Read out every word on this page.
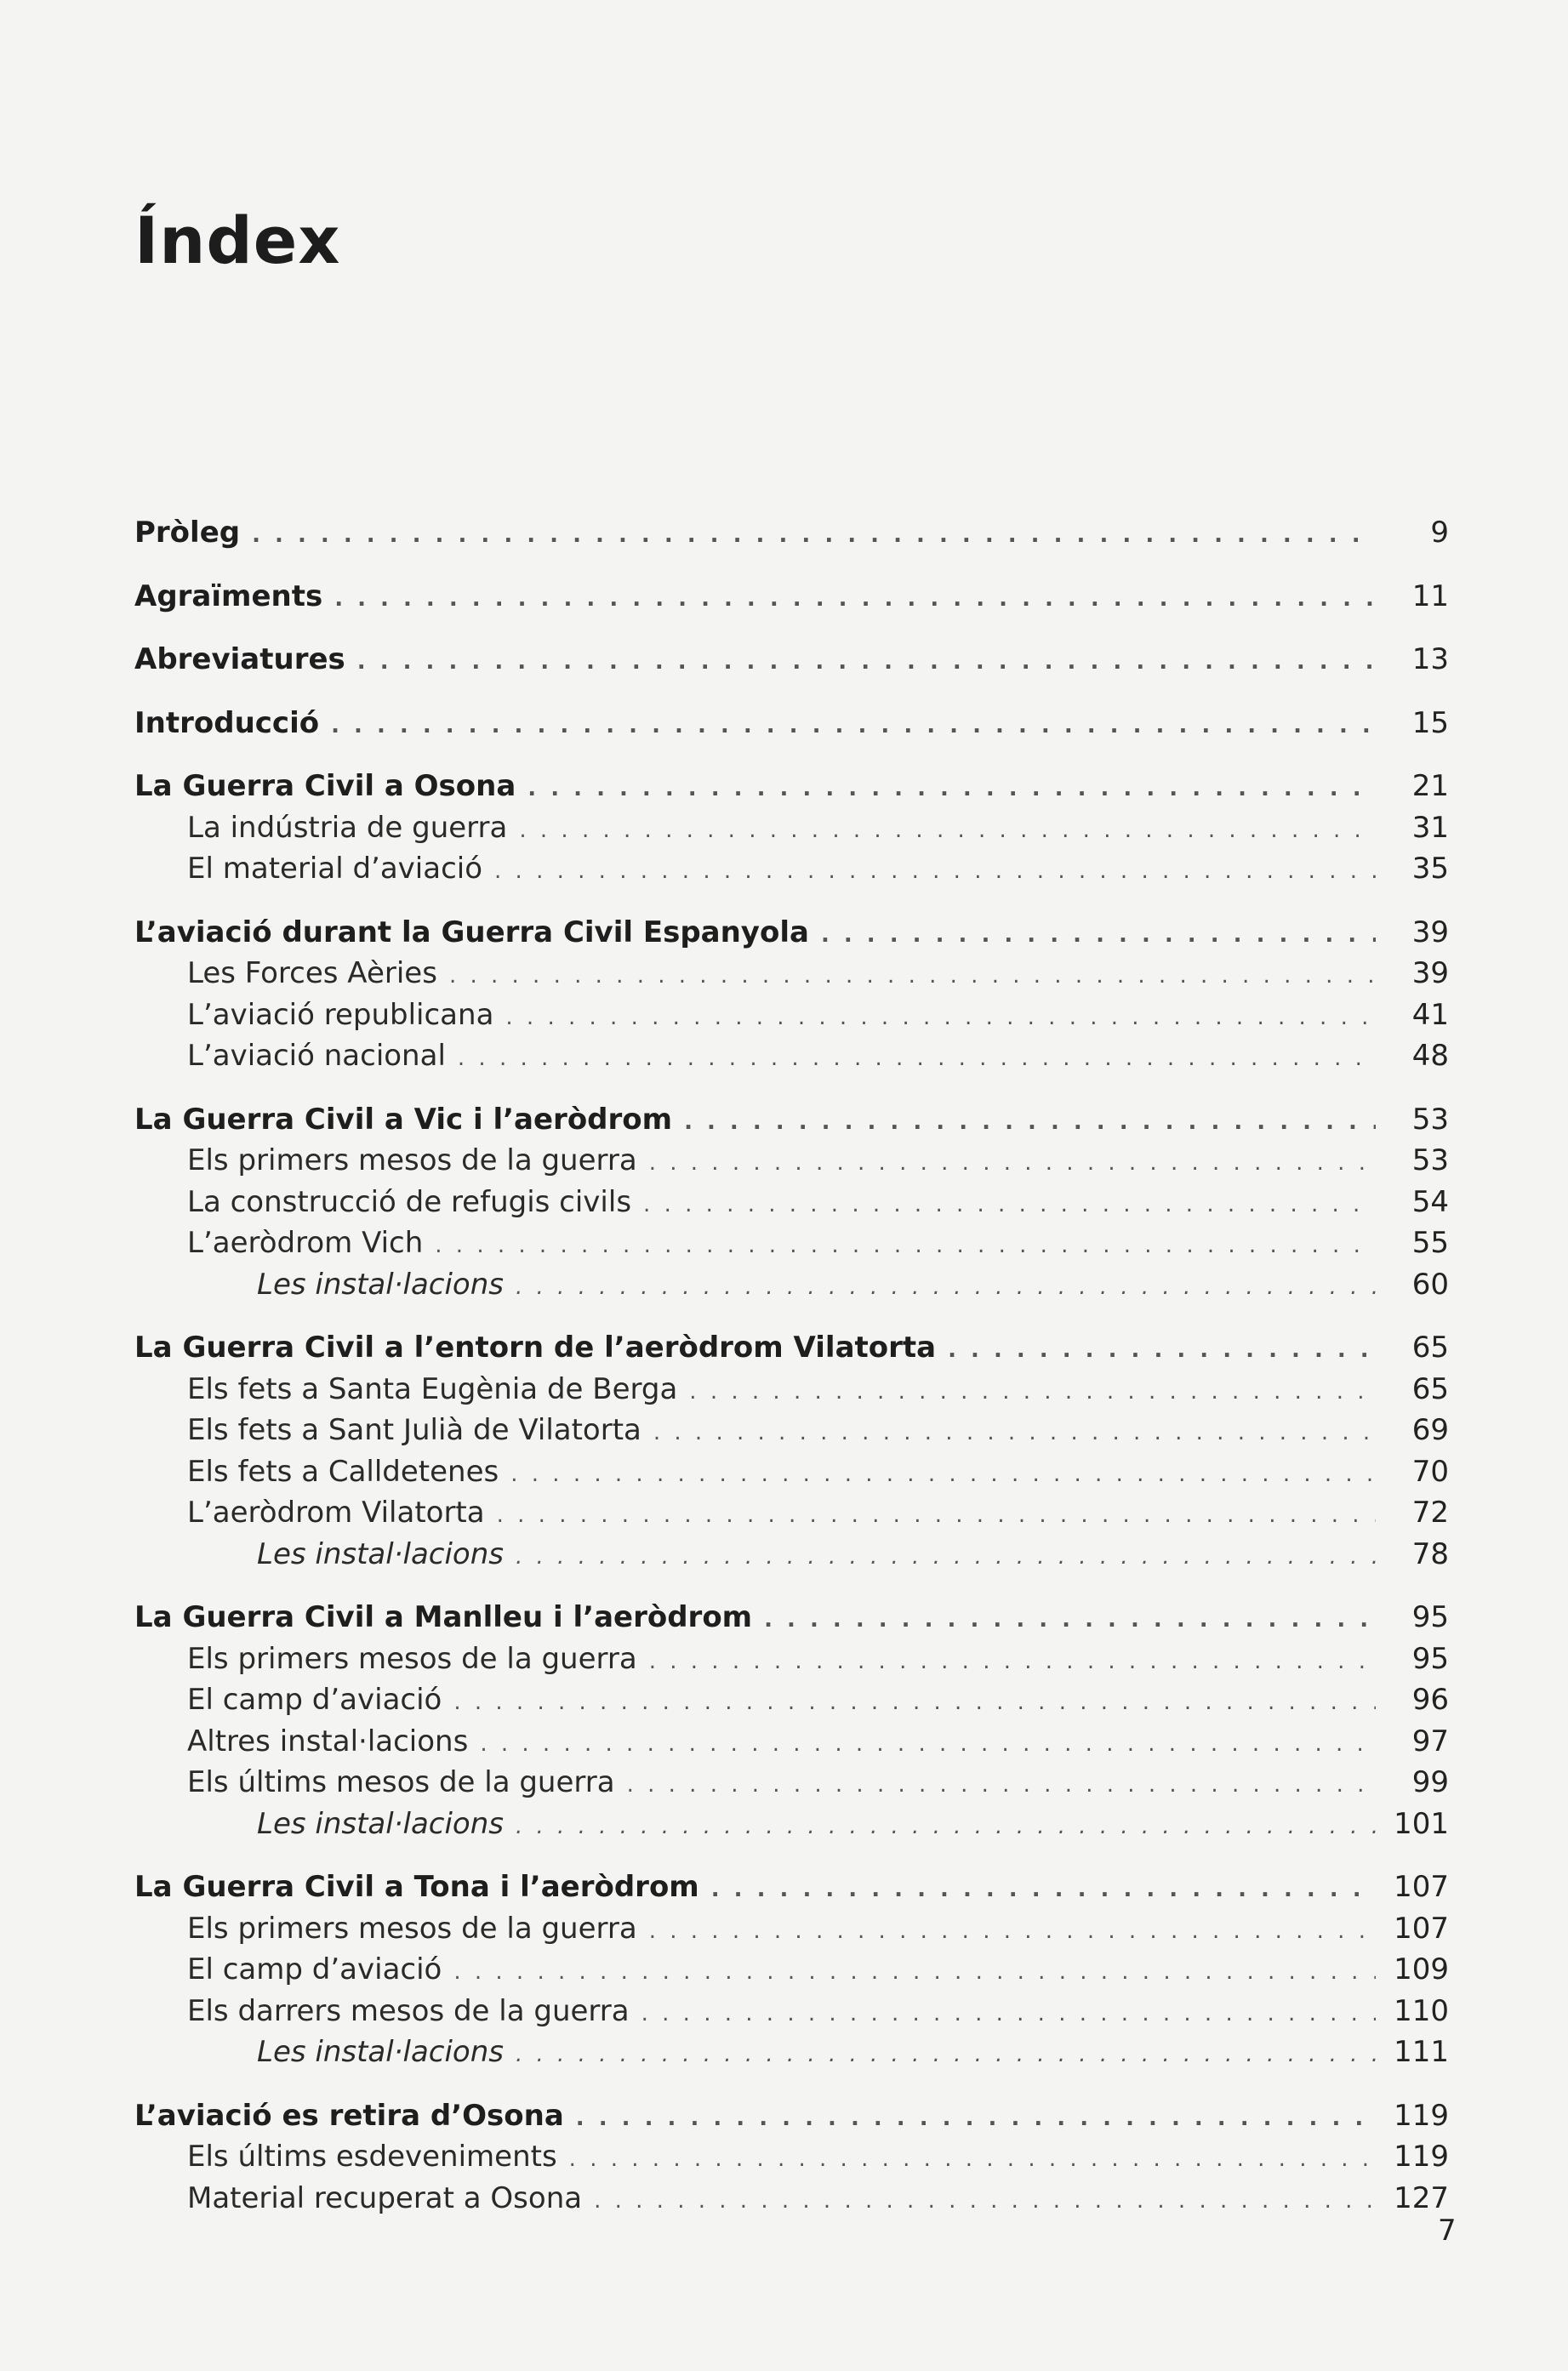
Índex
Pròleg . . .	9
Agraïments . . .	11
Abreviatures . . .	13
Introducció . . .	15
La Guerra Civil a Osona . . .	21
La indústria de guerra . . .	31
El material d’aviació . . .	35
L’aviació durant la Guerra Civil Espanyola . . .	39
Les Forces Aèries . . .	39
L’aviació republicana . . .	41
L’aviació nacional . . .	48
La Guerra Civil a Vic i l’aeròdrom . . .	53
Els primers mesos de la guerra . . .	53
La construcció de refugis civils . . .	54
L’aeròdrom Vich . . .	55
Les instal·lacions . . .	60
La Guerra Civil a l’entorn de l’aeròdrom Vilatorta . . .	65
Els fets a Santa Eugènia de Berga . . .	65
Els fets a Sant Julià de Vilatorta . . .	69
Els fets a Calldetenes . . .	70
L’aeròdrom Vilatorta . . .	72
Les instal·lacions . . .	78
La Guerra Civil a Manlleu i l’aeròdrom . . .	95
Els primers mesos de la guerra . . .	95
El camp d’aviació . . .	96
Altres instal·lacions . . .	97
Els últims mesos de la guerra . . .	99
Les instal·lacions . . .	101
La Guerra Civil a Tona i l’aeròdrom . . .	107
Els primers mesos de la guerra . . .	107
El camp d’aviació . . .	109
Els darrers mesos de la guerra . . .	110
Les instal·lacions . . .	111
L’aviació es retira d’Osona . . .	119
Els últims esdeveniments . . .	119
Material recuperat a Osona . . .	127
7
